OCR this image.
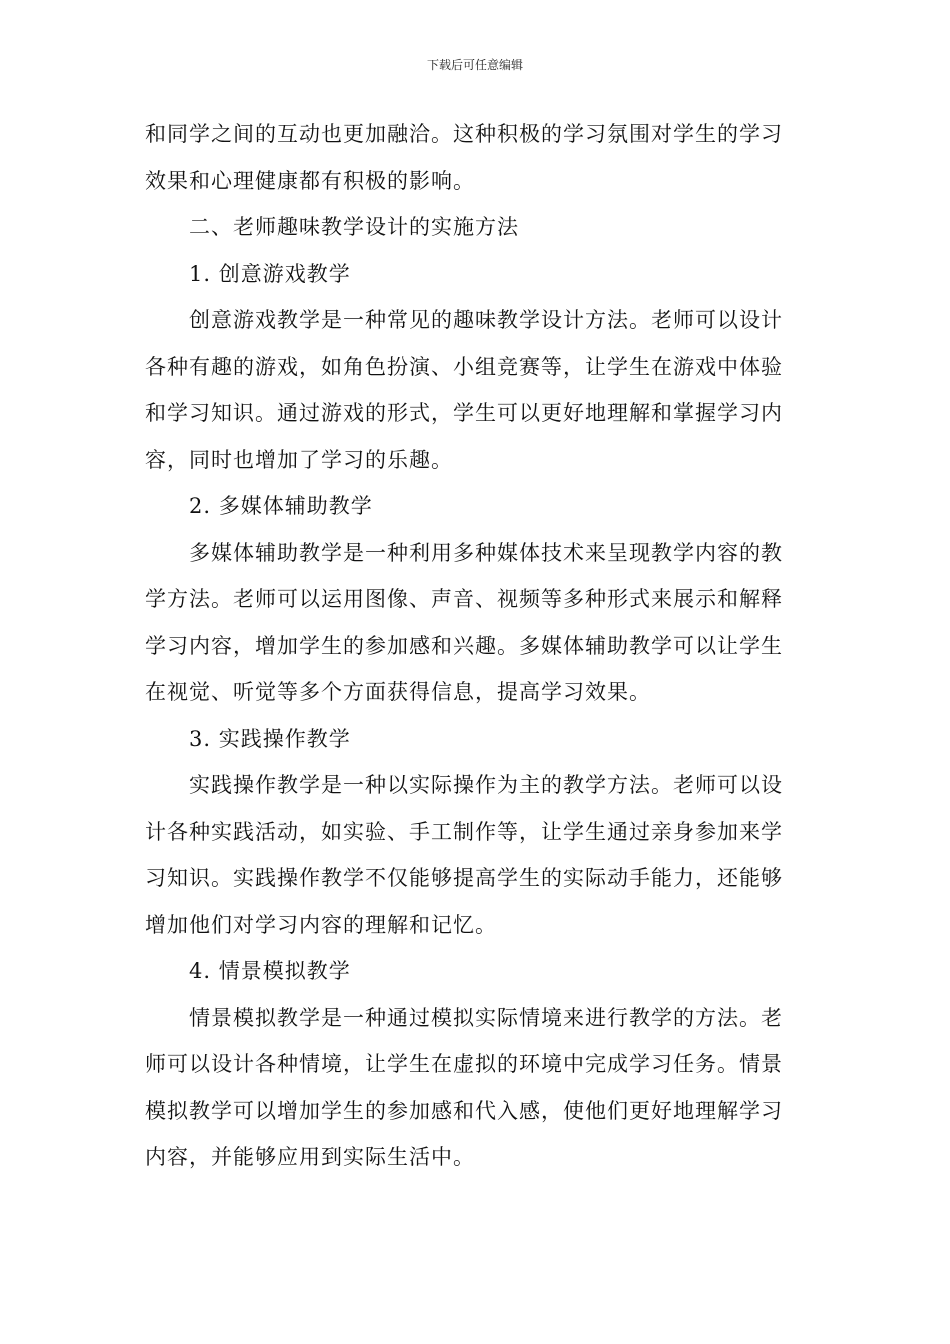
下载后可任意编辑
和同学之间的互动也更加融洽。这种积极的学习氛围对学生的学习
效果和心理健康都有积极的影响。
二、老师趣味教学设计的实施方法
1. 创意游戏教学
　　创意游戏教学是一种常见的趣味教学设计方法。老师可以设计
各种有趣的游戏，如角色扮演、小组竞赛等，让学生在游戏中体验
和学习知识。通过游戏的形式，学生可以更好地理解和掌握学习内
容，同时也增加了学习的乐趣。
2. 多媒体辅助教学
　　多媒体辅助教学是一种利用多种媒体技术来呈现教学内容的教
学方法。老师可以运用图像、声音、视频等多种形式来展示和解释
学习内容，增加学生的参加感和兴趣。多媒体辅助教学可以让学生
在视觉、听觉等多个方面获得信息，提高学习效果。
3. 实践操作教学
　　实践操作教学是一种以实际操作为主的教学方法。老师可以设
计各种实践活动，如实验、手工制作等，让学生通过亲身参加来学
习知识。实践操作教学不仅能够提高学生的实际动手能力，还能够
增加他们对学习内容的理解和记忆。
4. 情景模拟教学
　　情景模拟教学是一种通过模拟实际情境来进行教学的方法。老
师可以设计各种情境，让学生在虚拟的环境中完成学习任务。情景
模拟教学可以增加学生的参加感和代入感，使他们更好地理解学习
内容，并能够应用到实际生活中。
